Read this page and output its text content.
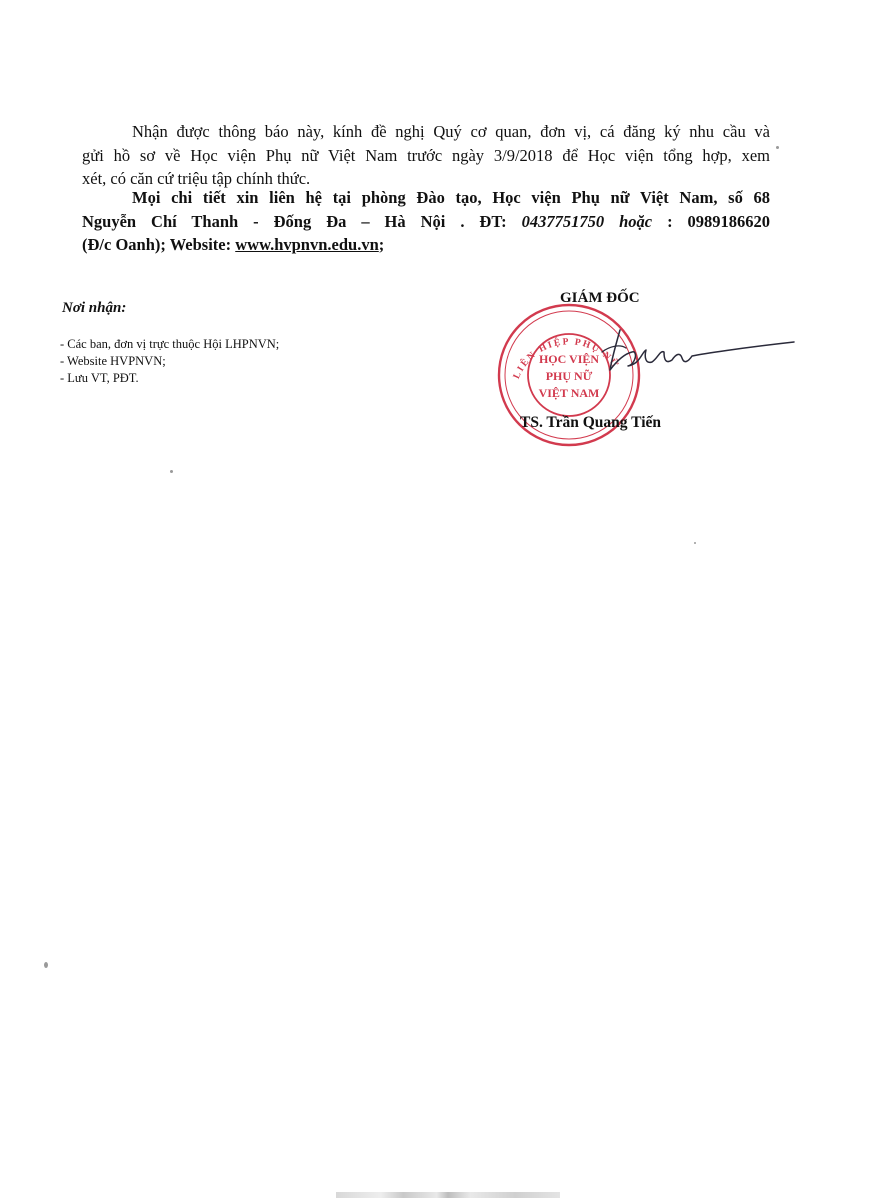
Nhận được thông báo này, kính đề nghị Quý cơ quan, đơn vị, cá đăng ký nhu cầu và
gửi hồ sơ về Học viện Phụ nữ Việt Nam trước ngày 3/9/2018 để Học viện tổng hợp, xem
xét, có căn cứ triệu tập chính thức.

Mọi chi tiết xin liên hệ tại phòng Đào tạo, Học viện Phụ nữ Việt Nam, số 68
Nguyễn Chí Thanh - Đống Đa – Hà Nội . ĐT: 0437751750 hoặc : 0989186620
(Đ/c Oanh); Website: www.hvpnvn.edu.vn;

Nơi nhận:
- Các ban, đơn vị trực thuộc Hội LHPNVN;
- Website HVPNVN;
- Lưu VT, PĐT.	LIÊN HIỆP PHỤ NỮ
HỌC VIỆN
PHỤ NỮ
VIỆT NAM
GIÁM ĐỐC
TS. Trần Quang Tiến
